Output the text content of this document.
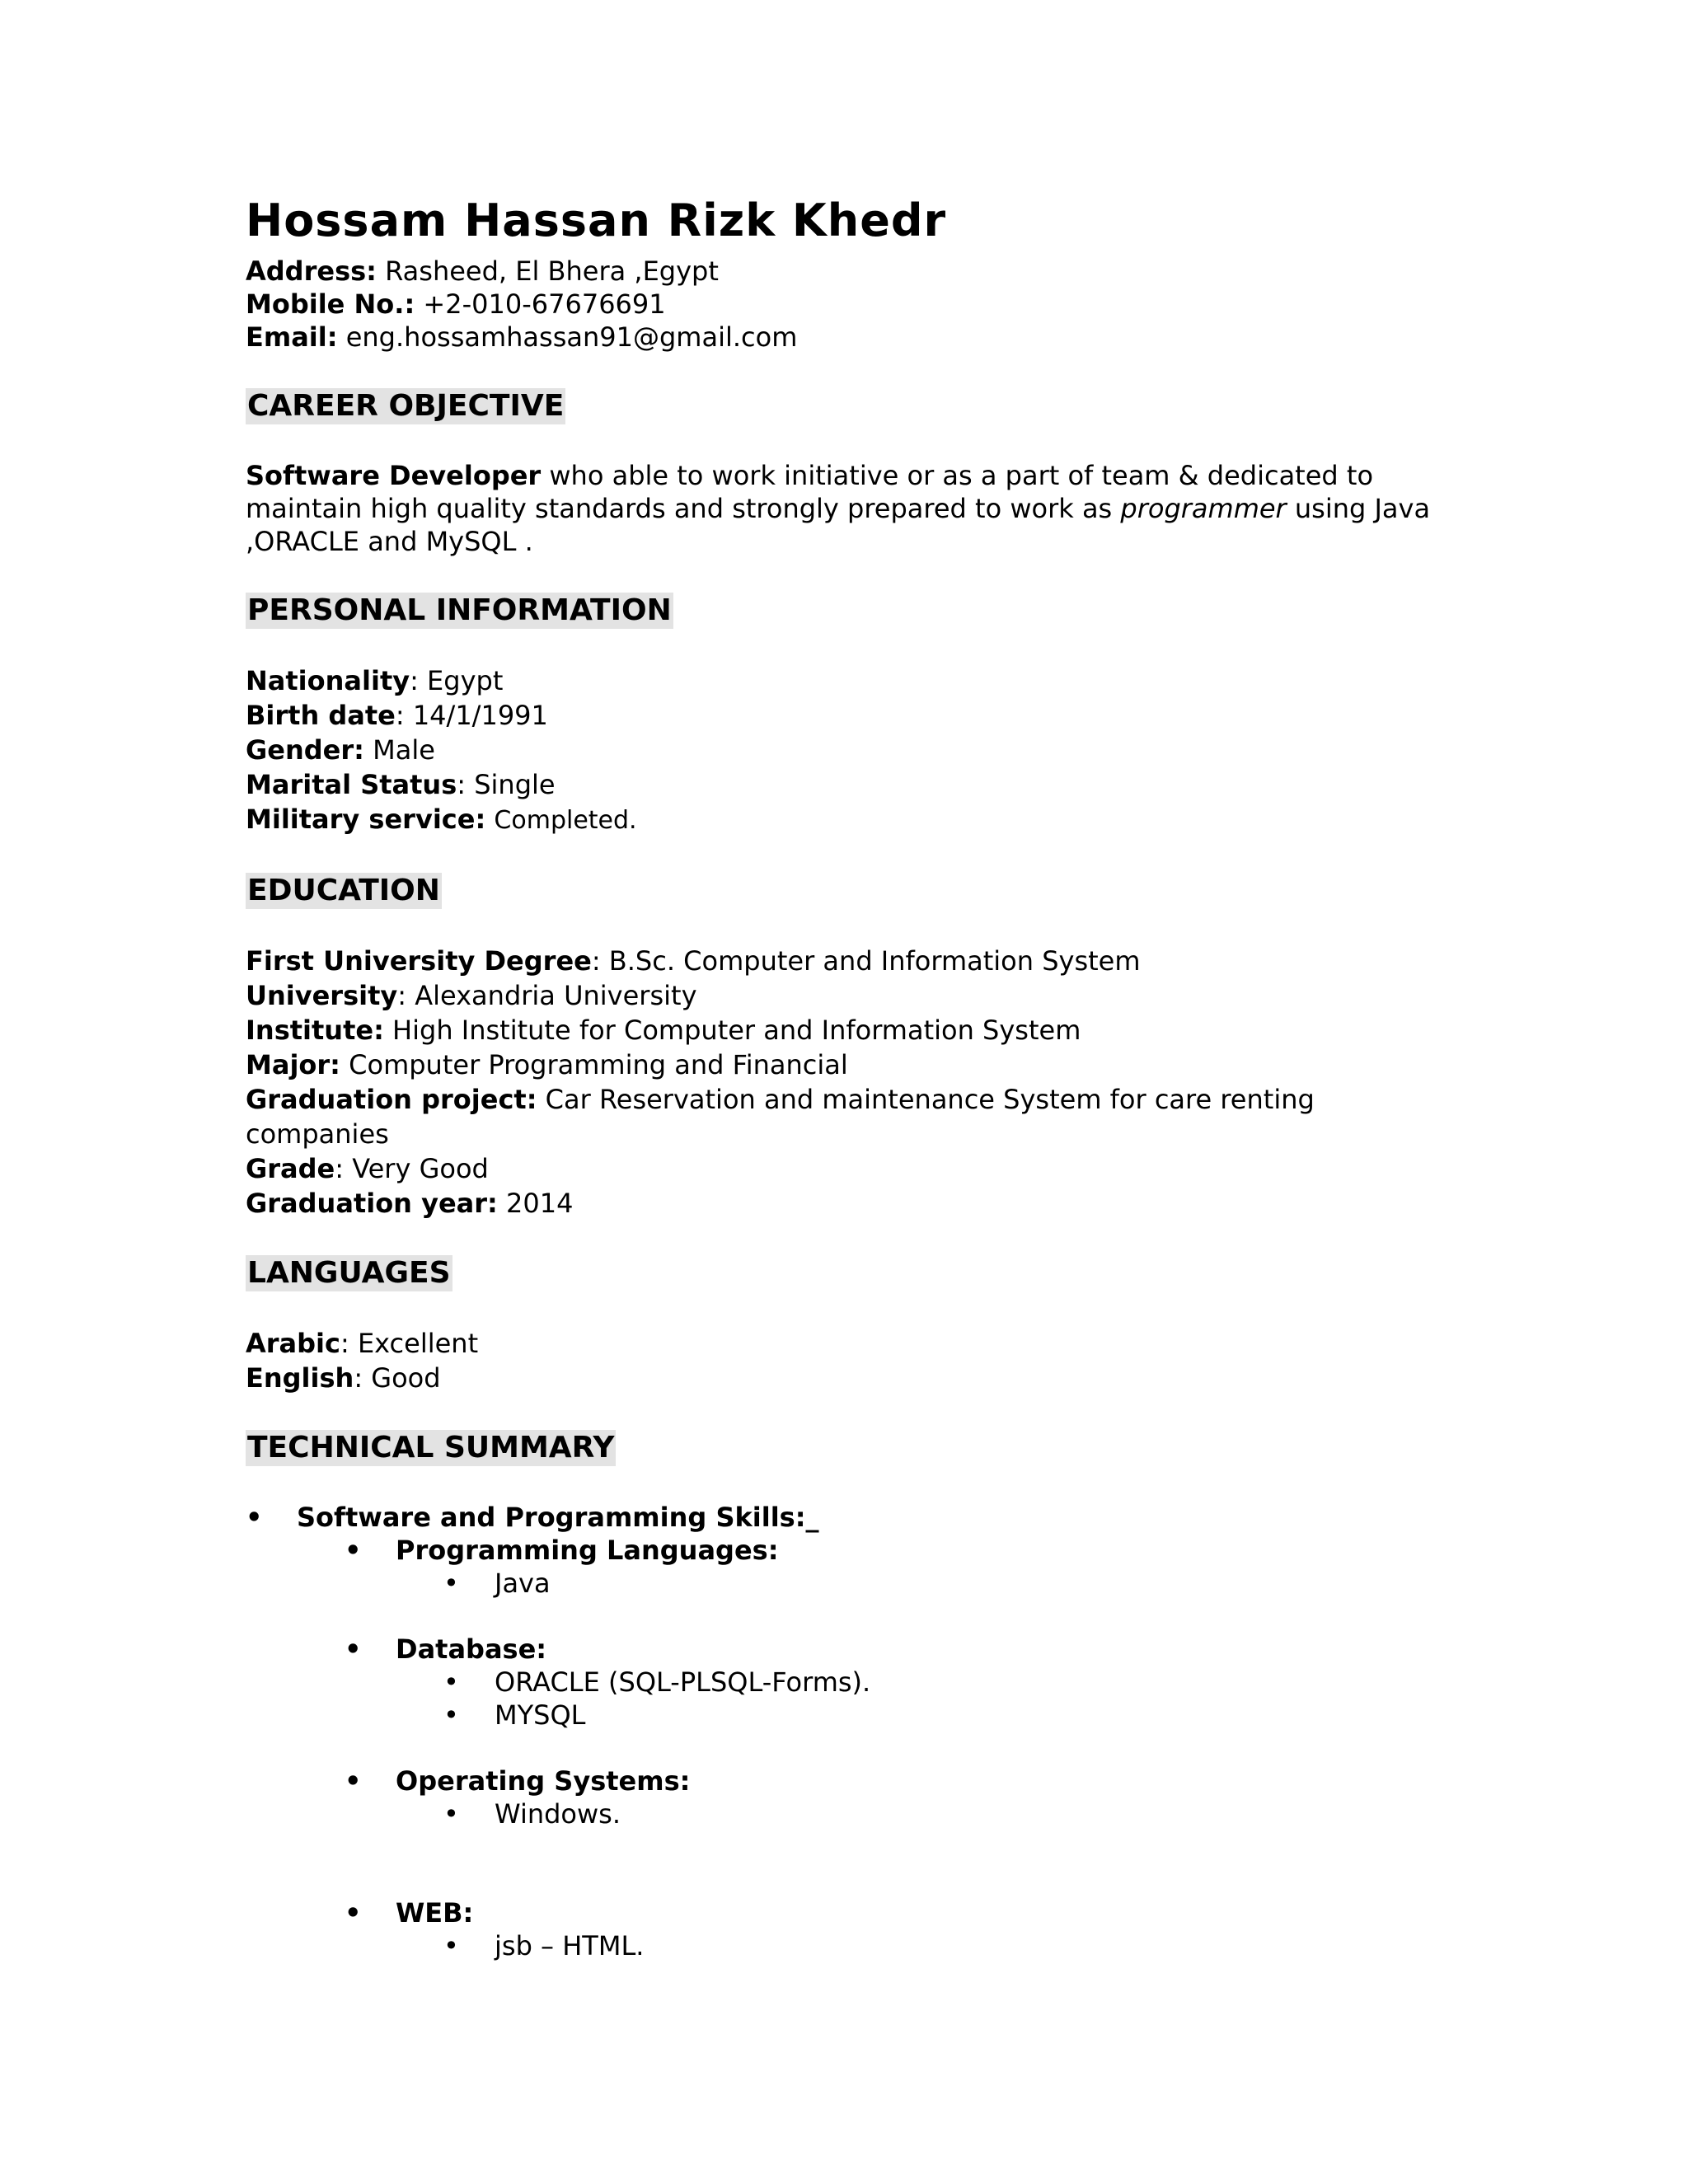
Hossam Hassan Rizk Khedr
Address: Rasheed, El Bhera ,Egypt
Mobile No.: +2-010-67676691
Email: eng.hossamhassan91@gmail.com
CAREER OBJECTIVE
Software Developer who able to work initiative or as a part of team & dedicated to maintain high quality standards and strongly prepared to work as programmer using Java ,ORACLE and MySQL .
PERSONAL INFORMATION
Nationality: Egypt
Birth date: 14/1/1991
Gender: Male
Marital Status: Single
Military service: Completed.
EDUCATION
First University Degree: B.Sc. Computer and Information System
University: Alexandria University
Institute: High Institute for Computer and Information System
Major: Computer Programming and Financial
Graduation project: Car Reservation and maintenance System for care renting
companies
Grade: Very Good
Graduation year: 2014
LANGUAGES
Arabic: Excellent
English: Good
TECHNICAL SUMMARY
• Software and Programming Skills:_
• Programming Languages:
• Java
• Database:
• ORACLE (SQL-PLSQL-Forms).
• MYSQL
• Operating Systems:
• Windows.
• WEB:
• jsb – HTML.
